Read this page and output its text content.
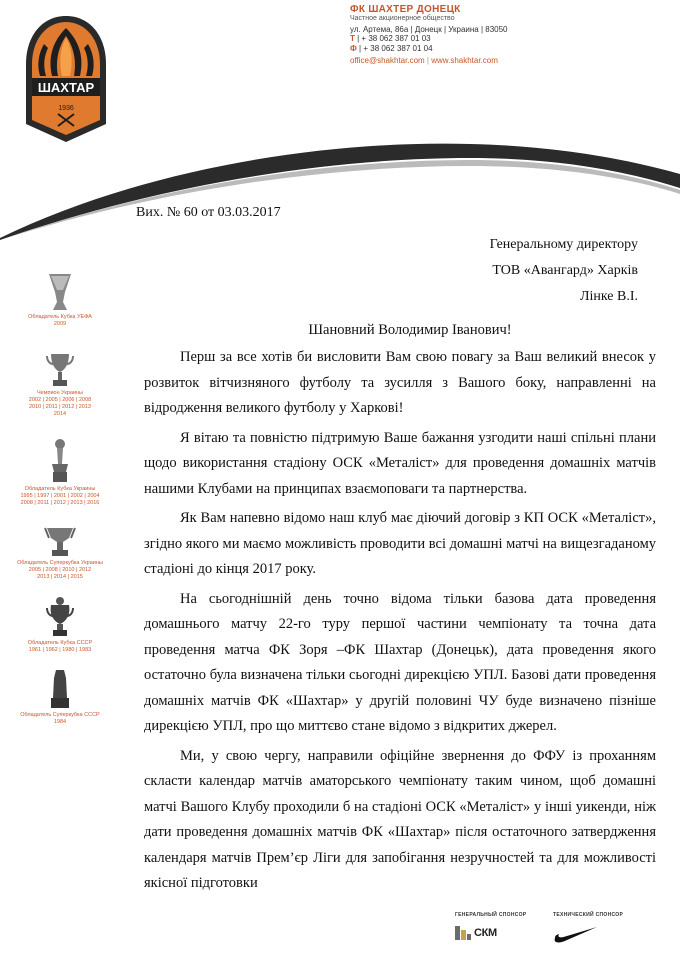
ШАХТАР
1936
ФК ШАХТЕР ДОНЕЦК
Частное акционерное общество
ул. Артема, 86а | Донецк | Украина | 83050
Т | + 38 062 387 01 03
Ф | + 38 062 387 01 04
office@shakhtar.com | www.shakhtar.com
Обладатель Кубка УЕФА
2009
Чемпион Украины
2002 | 2005 | 2006 | 2008
2010 | 2011 | 2012 | 2013
2014
Обладатель Кубка Украины
1995 | 1997 | 2001 | 2002 | 2004
2008 | 2011 | 2012 | 2013 | 2016
Обладатель Суперкубка Украины
2005 | 2008 | 2010 | 2012
2013 | 2014 | 2015
Обладатель Кубка СССР
1961 | 1962 | 1980 | 1983
Обладатель Суперкубка СССР
1984
Вих. № 60 от 03.03.2017
Генеральному директору
ТОВ «Авангард» Харків
Лінке В.І.
Шановний Володимир Іванович!

Перш за все хотів би висловити Вам свою повагу за Ваш великий внесок у розвиток вітчизняного футболу та зусилля з Вашого боку, направленні на відродження великого футболу у Харкові!

Я вітаю та повністю підтримую Ваше бажання узгодити наші спільні плани щодо використання стадіону ОСК «Металіст» для проведення домашніх матчів нашими Клубами на принципах взаємоповаги та партнерства.

Як Вам напевно відомо наш клуб має діючий договір з КП ОСК «Металіст», згідно якого ми маємо можливість проводити всі домашні матчі на вищезгаданому стадіоні до кінця 2017 року.

На сьогоднішній день точно відома тільки базова дата проведення домашнього матчу 22-го туру першої частини чемпіонату та точна дата проведення матча ФК Зоря –ФК Шахтар (Донецьк), дата проведення якого остаточно була визначена тільки сьогодні дирекцією УПЛ. Базові дати проведення домашніх матчів ФК «Шахтар» у другій половині ЧУ буде визначено пізніше дирекцією УПЛ, про що миттєво стане відомо з відкритих джерел.

Ми, у свою чергу, направили офіційне звернення до ФФУ із проханням скласти календар матчів аматорського чемпіонату таким чином, щоб домашні матчі Вашого Клубу проходили б на стадіоні ОСК «Металіст» у інші уикенди, ніж дати проведення домашніх матчів ФК «Шахтар» після остаточного затвердження календаря матчів Прем’єр Ліги для запобігання незручностей та для можливості якісної підготовки

ГЕНЕРАЛЬНЫЙ СПОНСОР
СКМ
ТЕХНИЧЕСКИЙ СПОНСОР
